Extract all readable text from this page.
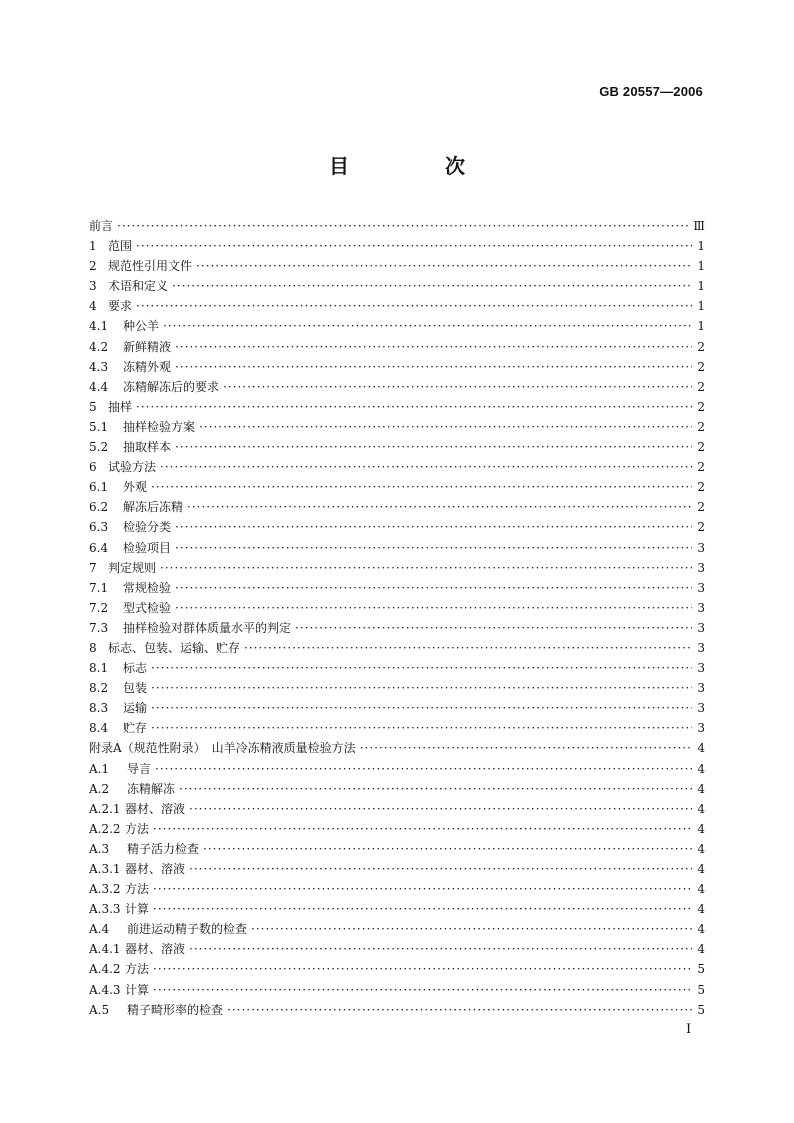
GB 20557—2006
目　次
前言 ·····	Ⅲ
1 范围 ·····	1
2 规范性引用文件 ·····	1
3 术语和定义 ·····	1
4 要求 ·····	1
4.1	种公羊 ·····	1
4.2	新鲜精液 ·····	2
4.3	冻精外观 ·····	2
4.4	冻精解冻后的要求 ·····	2
5 抽样 ·····	2
5.1	抽样检验方案 ·····	2
5.2	抽取样本 ·····	2
6 试验方法 ·····	2
6.1	外观 ·····	2
6.2	解冻后冻精 ·····	2
6.3	检验分类 ·····	2
6.4	检验项目 ·····	3
7 判定规则 ·····	3
7.1	常规检验 ·····	3
7.2	型式检验 ·····	3
7.3	抽样检验对群体质量水平的判定 ·····	3
8 标志、包装、运输、贮存 ·····	3
8.1	标志 ·····	3
8.2	包装 ·····	3
8.3	运输 ·····	3
8.4	贮存 ·····	3
附录A （规范性附录）　山羊冷冻精液质量检验方法 ·····	4
A.1	导言 ·····	4
A.2	冻精解冻 ·····	4
A.2.1 器材、溶液 ·····	4
A.2.2 方法 ·····	4
A.3	精子活力检查 ·····	4
A.3.1 器材、溶液 ·····	4
A.3.2 方法 ·····	4
A.3.3 计算 ·····	4
A.4	前进运动精子数的检查 ·····	4
A.4.1 器材、溶液 ·····	4
A.4.2 方法 ·····	5
A.4.3 计算 ·····	5
A.5	精子畸形率的检查 ·····	5
I
